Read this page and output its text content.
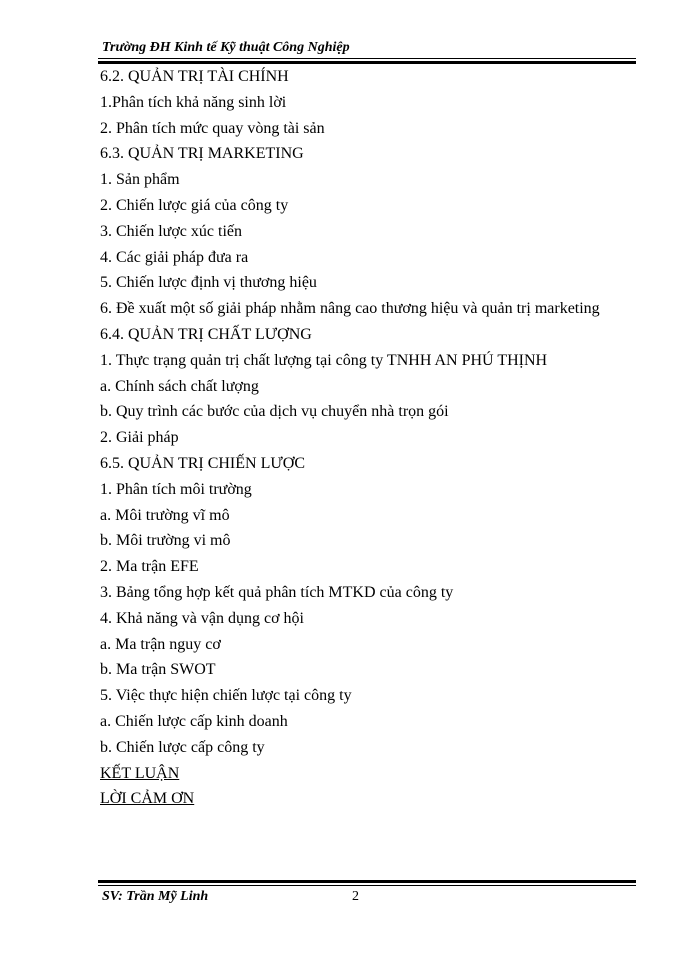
Trường ĐH Kinh tế Kỹ thuật Công Nghiệp
6.2. QUẢN TRỊ TÀI CHÍNH
1.Phân tích khả năng sinh lời
2. Phân tích mức quay vòng tài sản
6.3. QUẢN TRỊ MARKETING
1. Sản phẩm
2. Chiến lược giá của công ty
3. Chiến lược xúc tiến
4. Các giải pháp đưa ra
5. Chiến lược định vị thương hiệu
6. Đề xuất một số giải pháp nhằm nâng cao thương hiệu và quản trị marketing
6.4. QUẢN TRỊ CHẤT LƯỢNG
1. Thực trạng quản trị chất lượng tại công ty TNHH AN PHÚ THỊNH
a. Chính sách chất lượng
b. Quy trình các bước của dịch vụ chuyển nhà trọn gói
2. Giải pháp
6.5. QUẢN TRỊ CHIẾN LƯỢC
1. Phân tích môi trường
a. Môi trường vĩ mô
b. Môi trường vi mô
2. Ma trận EFE
3. Bảng tổng hợp kết quả phân tích MTKD của công ty
4. Khả năng và vận dụng cơ hội
a. Ma trận nguy cơ
b. Ma trận SWOT
5. Việc thực hiện chiến lược tại công ty
a. Chiến lược cấp kinh doanh
b. Chiến lược cấp công ty
KẾT LUẬN
LỜI CẢM ƠN
SV: Trần Mỹ Linh	2
